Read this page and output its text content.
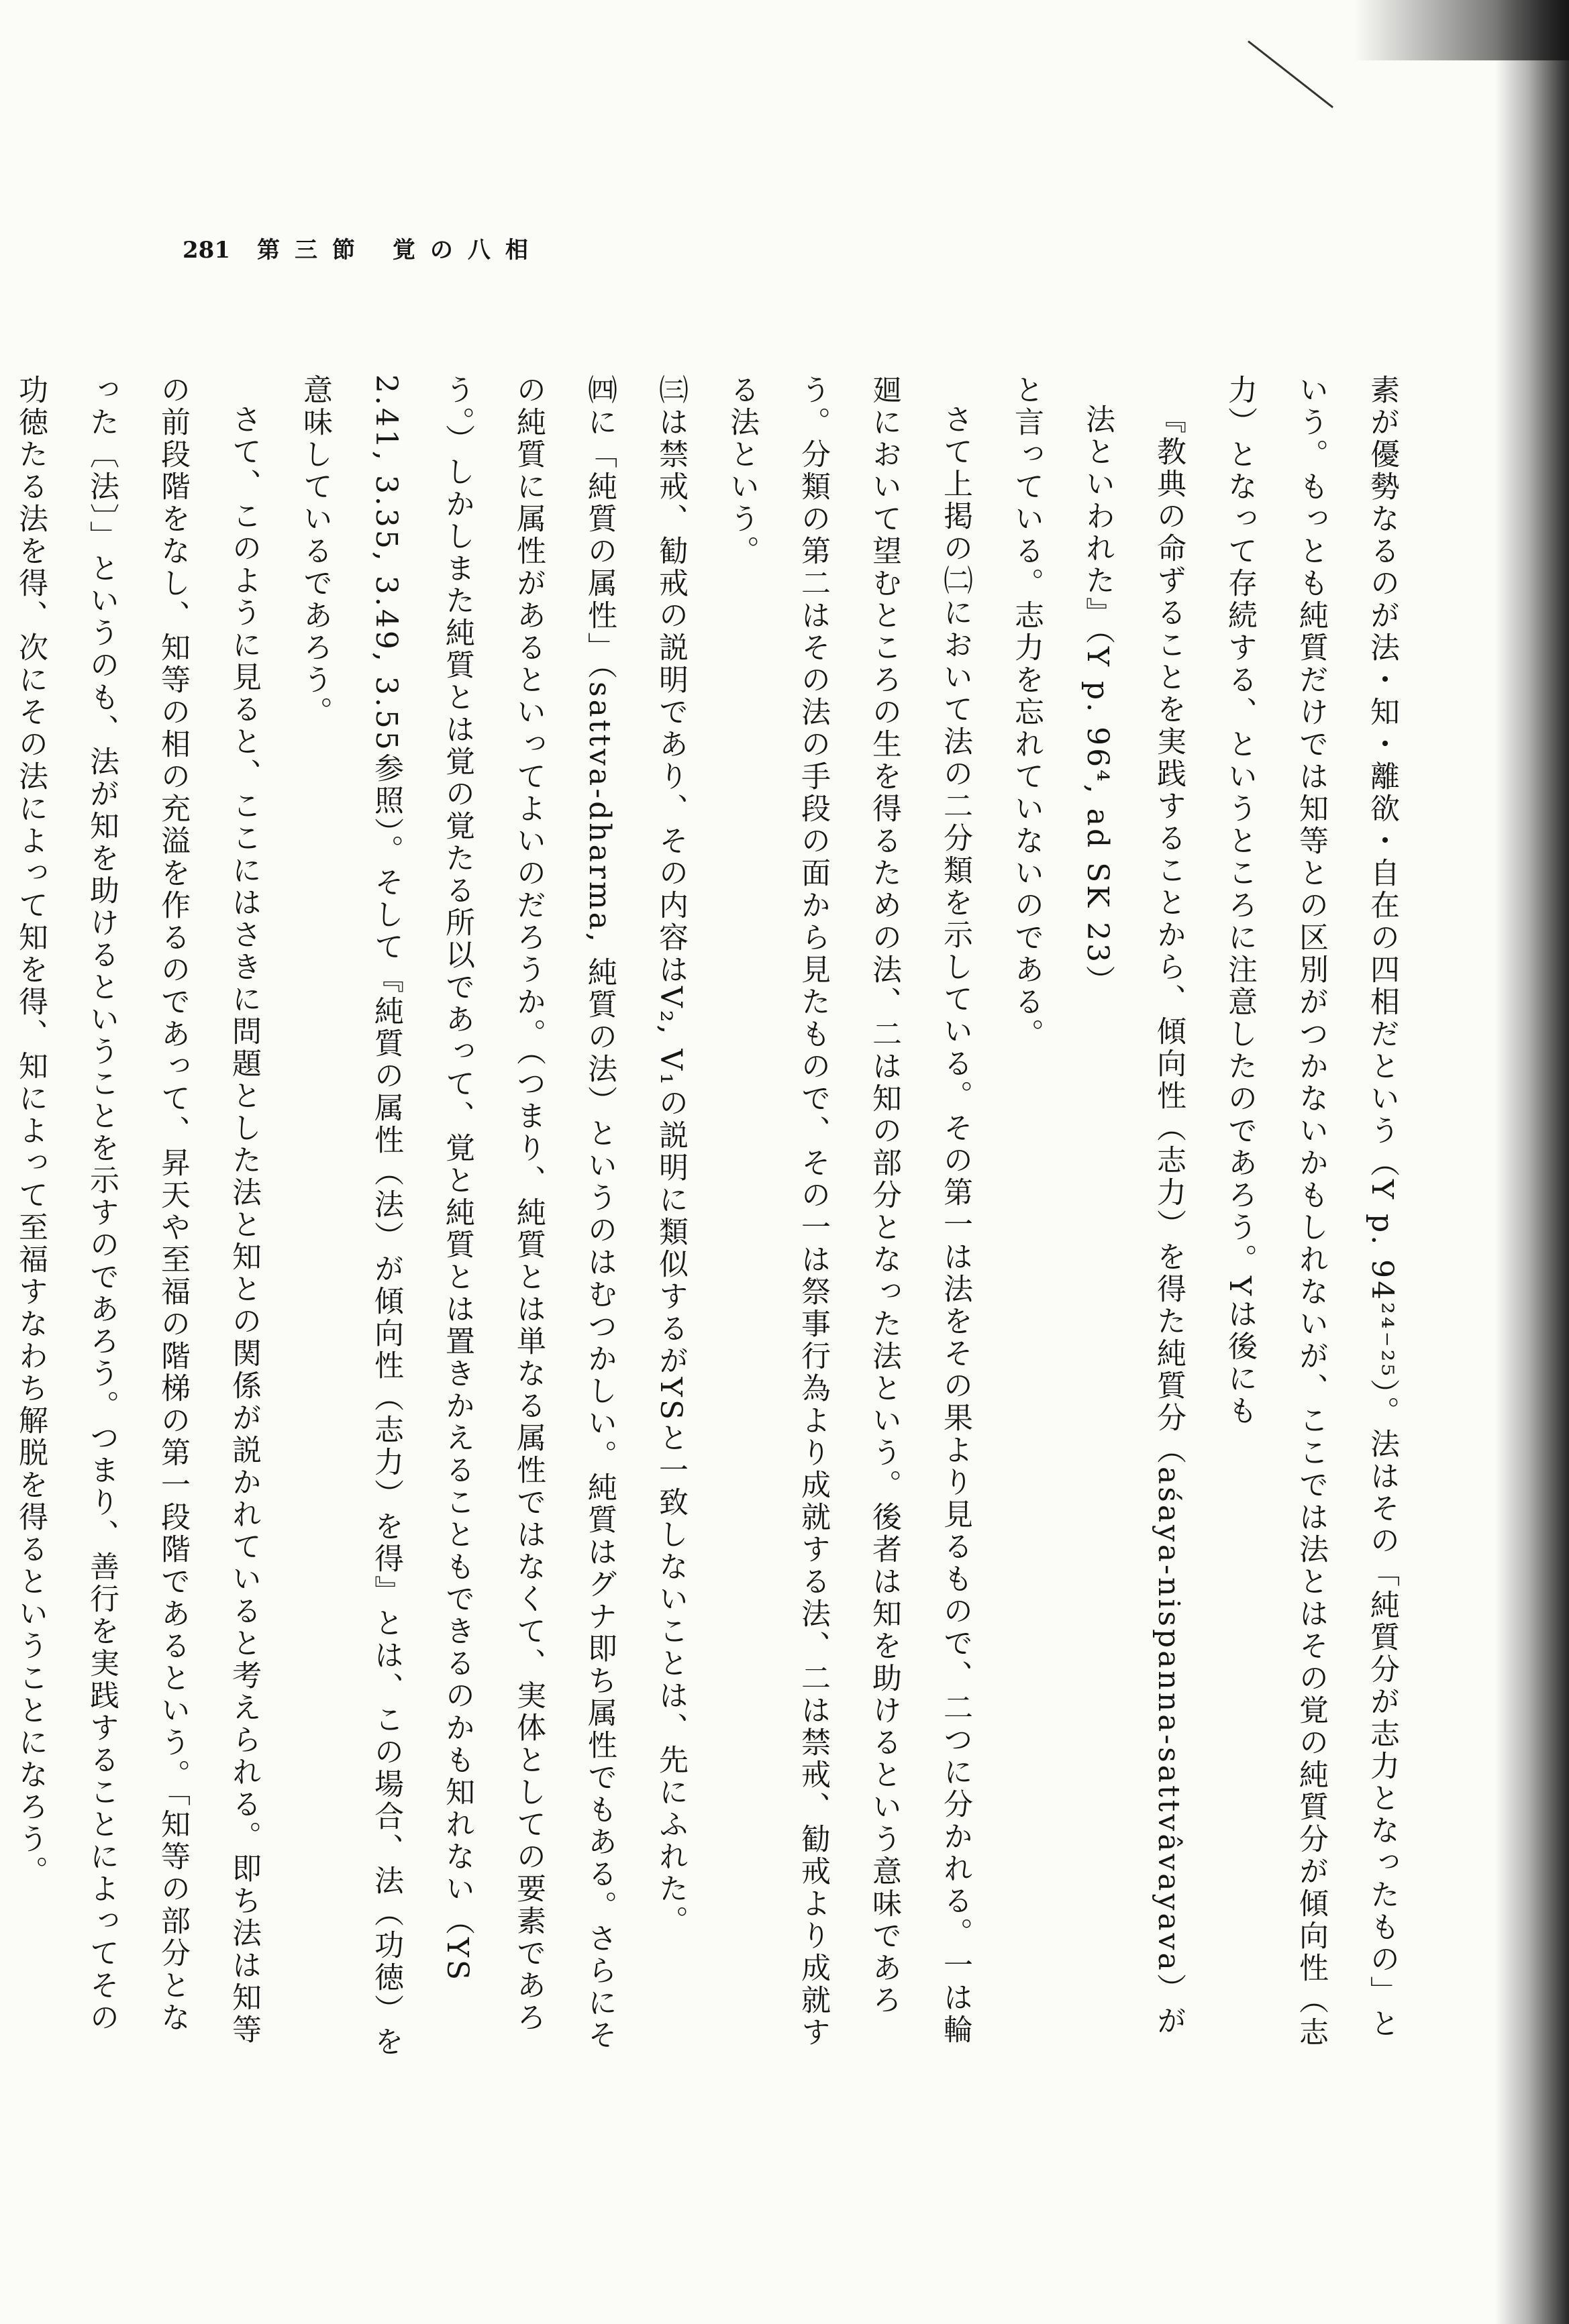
281 第三節 覚の八相

素が優勢なるのが法・知・離欲・自在の四相だという（Y p. 94²⁴⁻²⁵）。法はその「純質分が志力となったもの」という。もっとも純質だけでは知等との区別がつかないかもしれないが、ここでは法とはその覚の純質分が傾向性（志力）となって存続する、というところに注意したのであろう。Yは後にも

『教典の命ずることを実践することから、傾向性（志力）を得た純質分（aśaya-nispanna-sattvâvayava）が法といわれた』（Y p. 96⁴, ad SK 23）

と言っている。志力を忘れていないのである。

さて上掲の㈡において法の二分類を示している。その第一は法をその果より見るもので、二つに分かれる。一は輪廻において望むところの生を得るための法、二は知の部分となった法という。後者は知を助けるという意味であろう。分類の第二はその法の手段の面から見たもので、その一は祭事行為より成就する法、二は禁戒、勧戒より成就する法という。

㈢は禁戒、勧戒の説明であり、その内容はV₂, V₁の説明に類似するがYSと一致しないことは、先にふれた。

㈣に「純質の属性」（sattva-dharma, 純質の法）というのはむつかしい。純質はグナ即ち属性でもある。さらにその純質に属性があるといってよいのだろうか。（つまり、純質とは単なる属性ではなくて、実体としての要素であろう。）しかしまた純質とは覚の覚たる所以であって、覚と純質とは置きかえることもできるのかも知れない（YS 2.41, 3.35, 3.49, 3.55参照）。そして『純質の属性（法）が傾向性（志力）を得』とは、この場合、法（功徳）を意味しているであろう。

さて、このように見ると、ここにはさきに問題とした法と知との関係が説かれていると考えられる。即ち法は知等の前段階をなし、知等の相の充溢を作るのであって、昇天や至福の階梯の第一段階であるという。「知等の部分となった〔法〕」というのも、法が知を助けるということを示すのであろう。つまり、善行を実践することによってその功徳たる法を得、次にその法によって知を得、知によって至福すなわち解脱を得るということになろう。
